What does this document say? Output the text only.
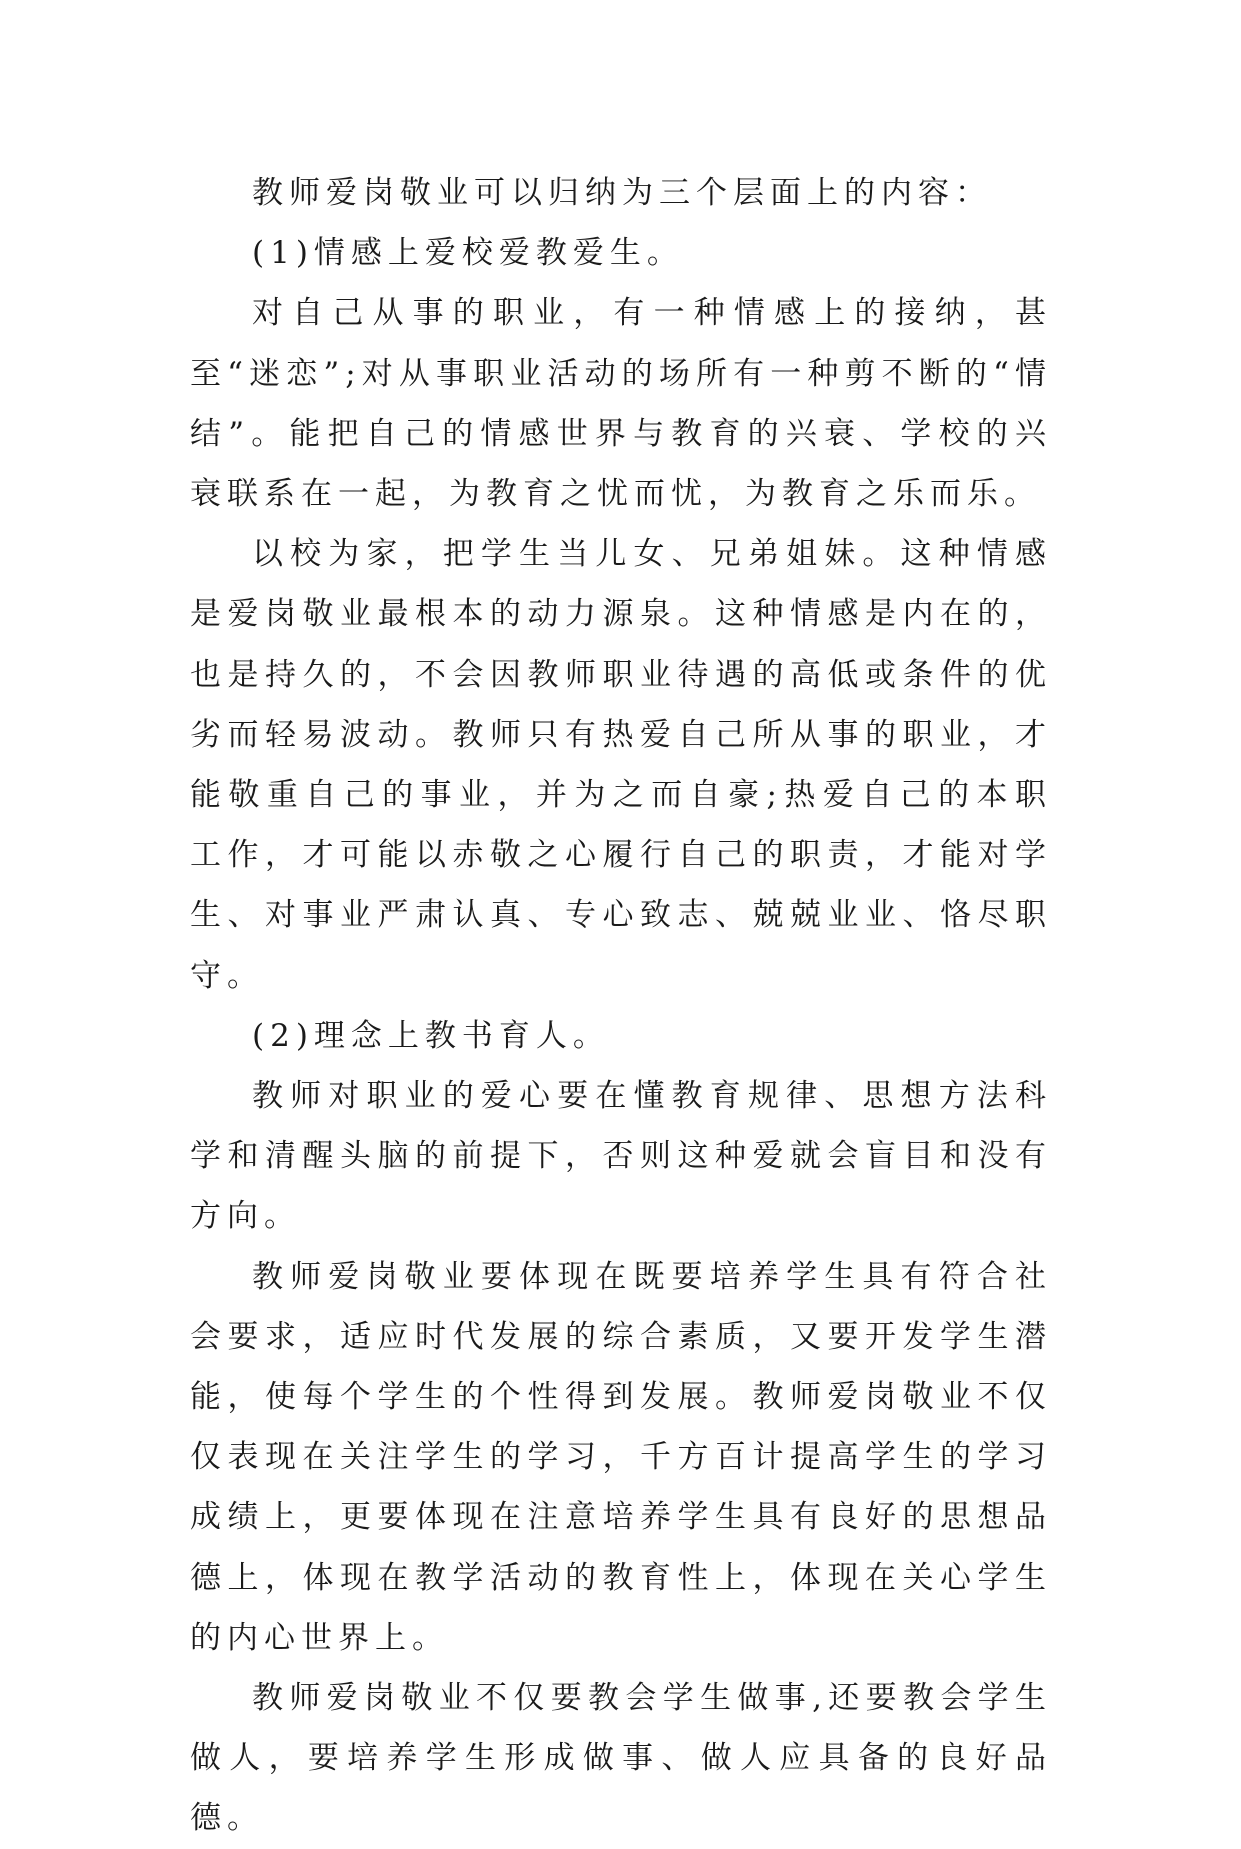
教师爱岗敬业可以归纳为三个层面上的内容：

(1)情感上爱校爱教爱生。

对自己从事的职业，有一种情感上的接纳，甚至“迷恋”;对从事职业活动的场所有一种剪不断的“情结”。能把自己的情感世界与教育的兴衰、学校的兴衰联系在一起，为教育之忧而忧，为教育之乐而乐。

以校为家，把学生当儿女、兄弟姐妹。这种情感是爱岗敬业最根本的动力源泉。这种情感是内在的，也是持久的，不会因教师职业待遇的高低或条件的优劣而轻易波动。教师只有热爱自己所从事的职业，才能敬重自己的事业，并为之而自豪;热爱自己的本职工作，才可能以赤敬之心履行自己的职责，才能对学生、对事业严肃认真、专心致志、兢兢业业、恪尽职守。

(2)理念上教书育人。

教师对职业的爱心要在懂教育规律、思想方法科学和清醒头脑的前提下，否则这种爱就会盲目和没有方向。

教师爱岗敬业要体现在既要培养学生具有符合社会要求，适应时代发展的综合素质，又要开发学生潜能，使每个学生的个性得到发展。教师爱岗敬业不仅仅表现在关注学生的学习，千方百计提高学生的学习成绩上，更要体现在注意培养学生具有良好的思想品德上，体现在教学活动的教育性上，体现在关心学生的内心世界上。

教师爱岗敬业不仅要教会学生做事,还要教会学生做人，要培养学生形成做事、做人应具备的良好品德。
